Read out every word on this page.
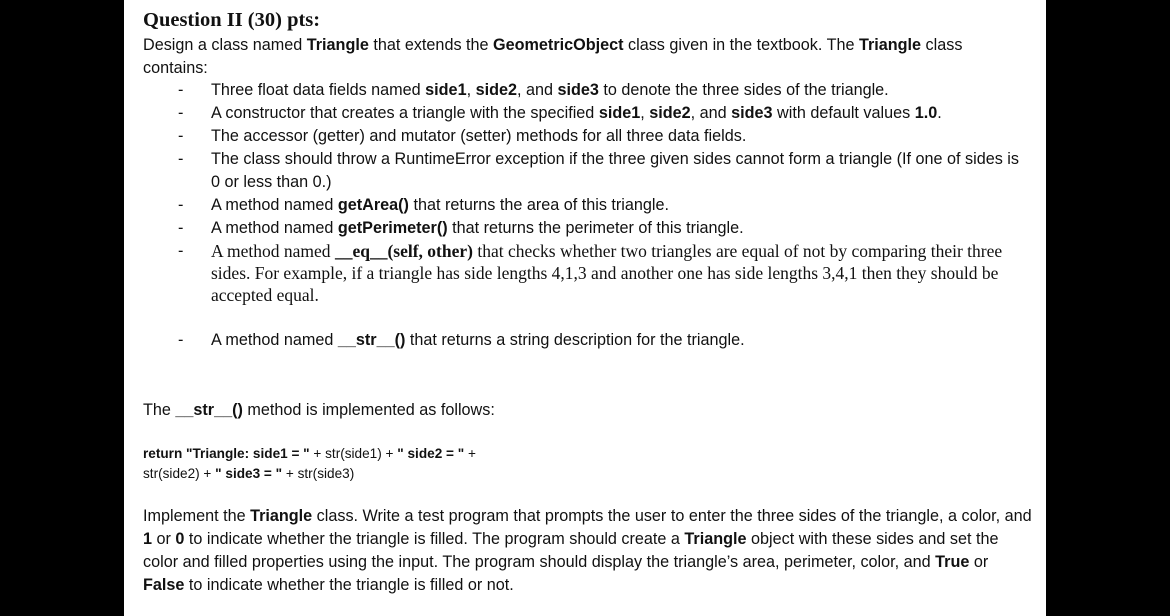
Question II (30) pts:
Design a class named Triangle that extends the GeometricObject class given in the textbook. The Triangle class contains:
- Three float data fields named side1, side2, and side3 to denote the three sides of the triangle.
- A constructor that creates a triangle with the specified side1, side2, and side3 with default values 1.0.
- The accessor (getter) and mutator (setter) methods for all three data fields.
- The class should throw a RuntimeError exception if the three given sides cannot form a triangle (If one of sides is 0 or less than 0.)
- A method named getArea() that returns the area of this triangle.
- A method named getPerimeter() that returns the perimeter of this triangle.
- A method named __eq__(self, other) that checks whether two triangles are equal of not by comparing their three sides. For example, if a triangle has side lengths 4,1,3 and another one has side lengths 3,4,1 then they should be accepted equal.
- A method named __str__() that returns a string description for the triangle.
The __str__() method is implemented as follows:
return "Triangle: side1 = " + str(side1) + " side2 = " +
str(side2) + " side3 = " + str(side3)
Implement the Triangle class. Write a test program that prompts the user to enter the three sides of the triangle, a color, and 1 or 0 to indicate whether the triangle is filled. The program should create a Triangle object with these sides and set the color and filled properties using the input. The program should display the triangle’s area, perimeter, color, and True or False to indicate whether the triangle is filled or not.
